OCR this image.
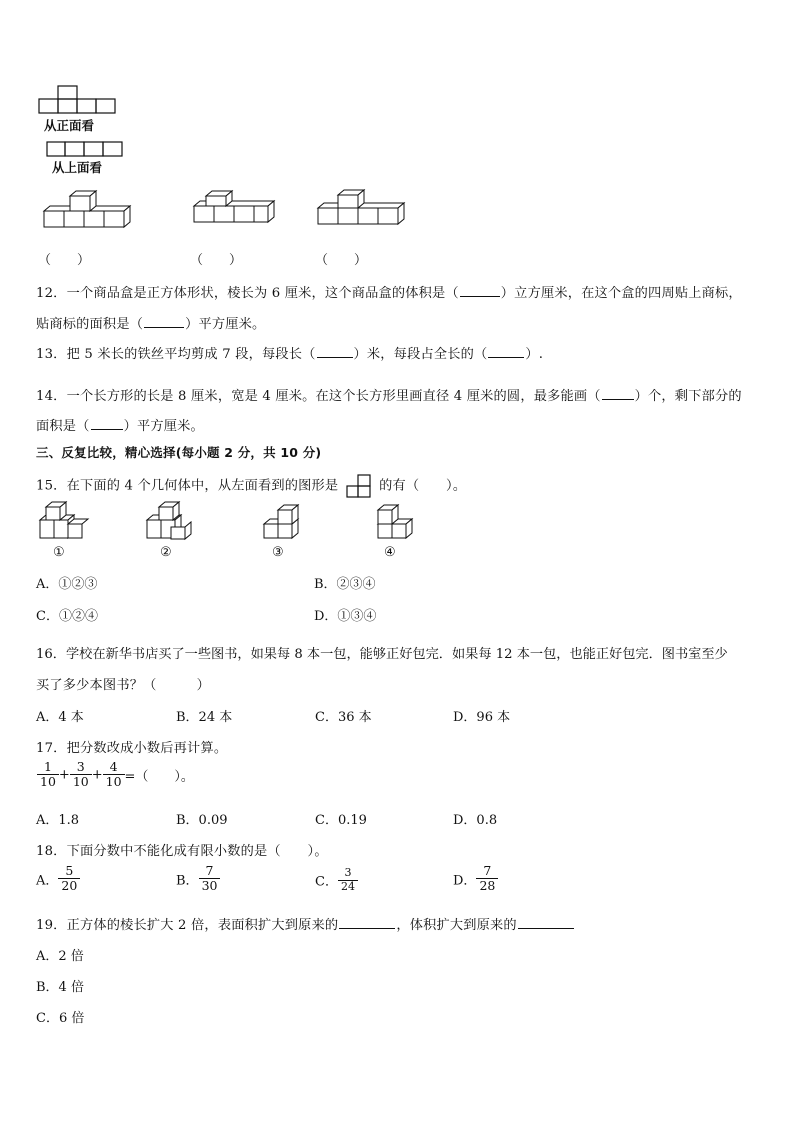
从正面看
从上面看
（　　）	（　　）	（　　）
12．一个商品盒是正方体形状，棱长为 6 厘米，这个商品盒的体积是（	）立方厘米，在这个盒的四周贴上商标，
贴商标的面积是（	）平方厘米。
13．把 5 米长的铁丝平均剪成 7 段，每段长（	）米，每段占全长的（	）.
14．一个长方形的长是 8 厘米，宽是 4 厘米。在这个长方形里画直径 4 厘米的圆，最多能画（	）个，剩下部分的
面积是（	）平方厘米。
三、反复比较，精心选择(每小题 2 分，共 10 分)
15．在下面的 4 个几何体中，从左面看到的图形是	的有（　　）。
①	②	③	④
A．①②③	B．②③④
C．①②④	D．①③④
16．学校在新华书店买了一些图书，如果每 8 本一包，能够正好包完．如果每 12 本一包，也能正好包完．图书室至少
买了多少本图书？（　　　）
A．4 本	B．24 本	C．36 本	D．96 本
17．把分数改成小数后再计算。
$\frac{1}{10} + \frac{3}{10} + \frac{4}{10}$ =（　　）。
A．1.8	B．0.09	C．0.19	D．0.8
18．下面分数中不能化成有限小数的是（　　）。
A． $\frac{5}{20}$	B． $\frac{7}{30}$	C． $\frac{3}{24}$	D． $\frac{7}{28}$
19．正方体的棱长扩大 2 倍，表面积扩大到原来的	，体积扩大到原来的
A．2 倍
B．4 倍
C．6 倍
